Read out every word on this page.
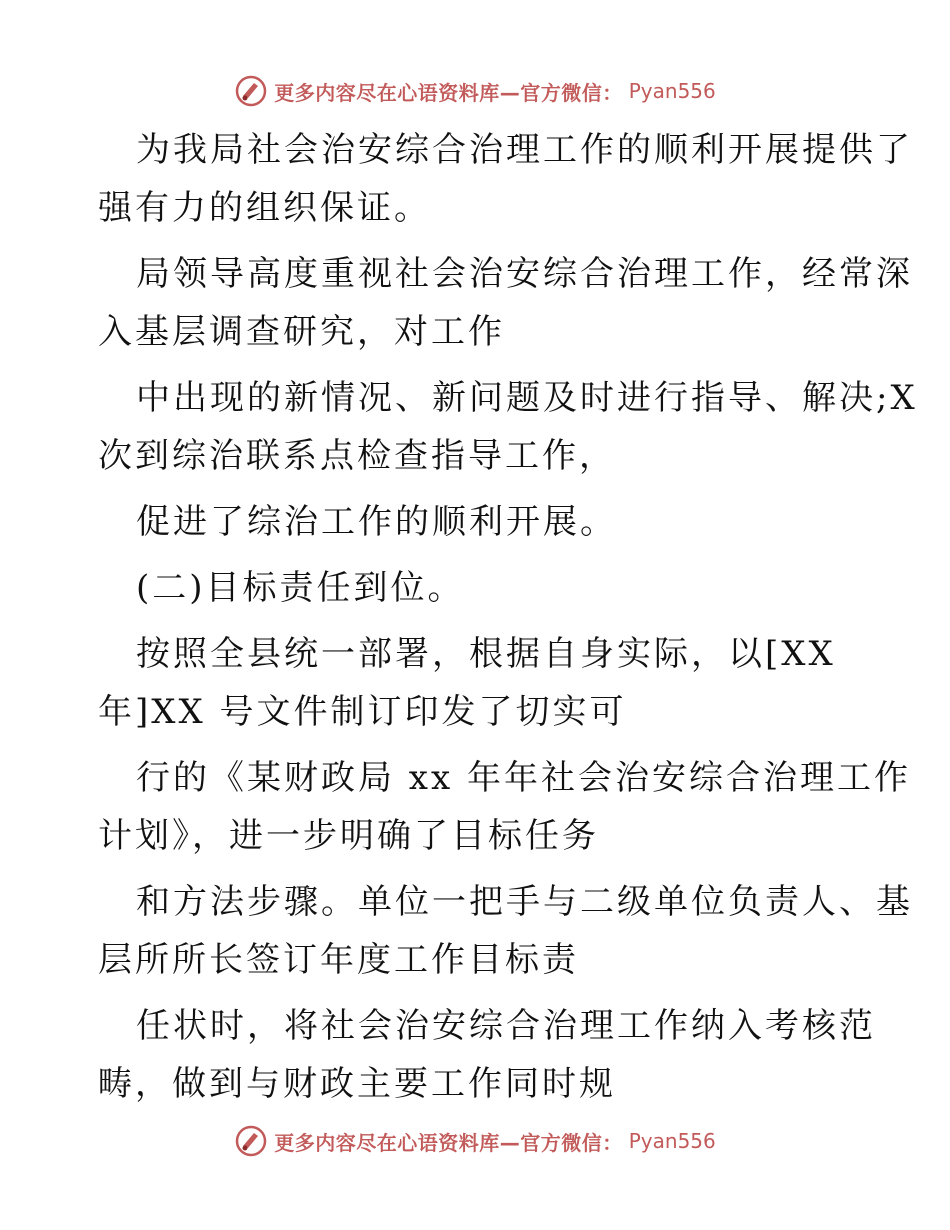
更多内容尽在心语资料库—官方微信： Pyan556
为我局社会治安综合治理工作的顺利开展提供了
强有力的组织保证。
局领导高度重视社会治安综合治理工作，经常深
入基层调查研究，对工作
中出现的新情况、新问题及时进行指导、解决;X
次到综治联系点检查指导工作，
促进了综治工作的顺利开展。
(二)目标责任到位。
按照全县统一部署，根据自身实际，以[XX
年]XX 号文件制订印发了切实可
行的《某财政局 xx 年年社会治安综合治理工作
计划》，进一步明确了目标任务
和方法步骤。单位一把手与二级单位负责人、基
层所所长签订年度工作目标责
任状时，将社会治安综合治理工作纳入考核范
畴，做到与财政主要工作同时规
更多内容尽在心语资料库—官方微信： Pyan556
